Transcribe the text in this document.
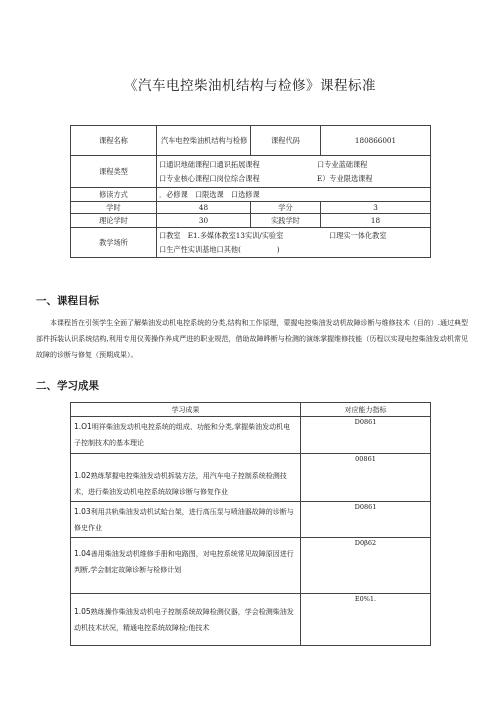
《汽车电控柴油机结构与检修》课程标准
课程名称	汽车电控柴油机结构与检修	课程代码	180866001
课程类型	口通识地础课程口通识拓展课程 口专业蓝础课程
口专业核心课程口岗位综合课程 E）专业限选课程		

修读方式	．必修课　口限选课　口选修课		
学时	48	学分	3
理论学时	30	实践学时	18
教学场所	口教室　E1.多媒体教室13实训/实验室 口理实一体化教室
口生产性实训基地口其他(　　　　　)		
一、课程目标
本课程旨在引领学生全面了解柴油发动机电控系统的分类,结构和工作原理，蒙握电控柴油发动机故障诊断与维修技术（目的）.通过典型部件拆装认识系统结构,利用专用仪莠操作养成严进的职业规范，借助故障晔断与检测的演练掌握维修技能（历程以实现电控柴油发动机常见故障的诊断与修复（预期成果）。
二、学习成果
学习成果	对应能力指标
1.O1明祥柴油发动机电控系统的组成、功能和分类,掌握柴油发动机电子控制技术的基本理论	D0861
1.02熟练挈握电控柴油发动机拆装方法，用汽车电子控制系统检测技术，进行柴油发动机电控系统故障诊断与修复作业	00861
1.03利用共轨柴油发动机试蛤台架，进行高压泵与喷油器故障的诊断与修史作业	D0861
1.04善用柴油发动机维修手册和电路图，对电控系统常见故障原因进行判断,学会制定故障诊断与检修计划	D0β62
1.05熟练操作柴油发动机电子控制系统故障检测仪器，学会检测柴油发动机技术状况，精通电控系统故障检;他技术	E0%1.
